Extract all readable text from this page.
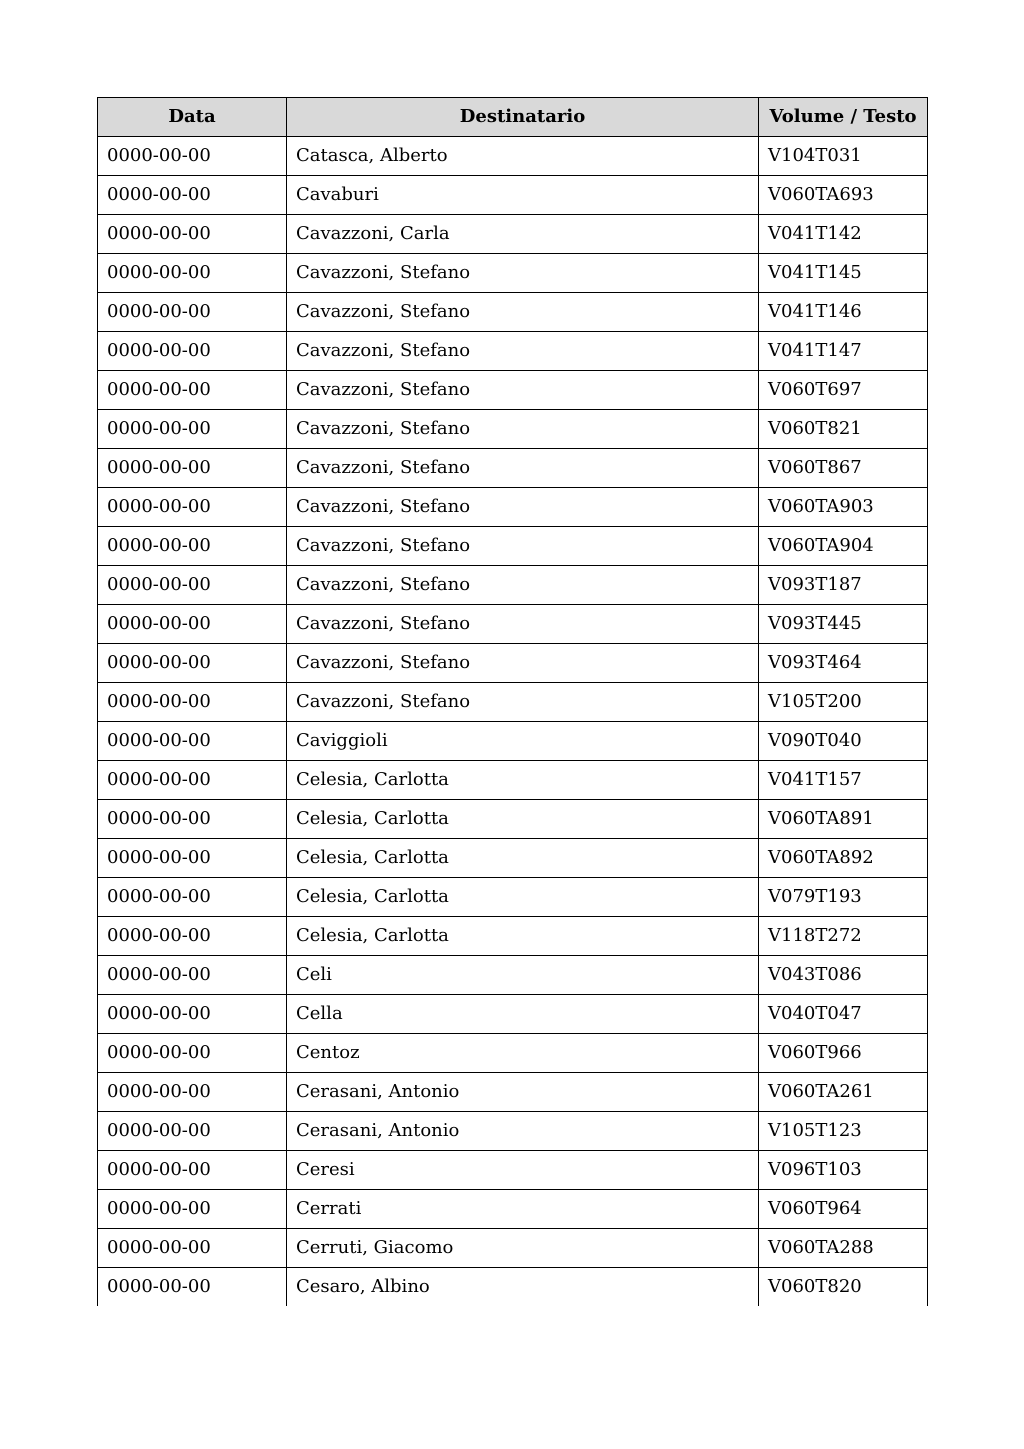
Data	Destinatario	Volume / Testo
0000-00-00	Catasca, Alberto	V104T031
0000-00-00	Cavaburi	V060TA693
0000-00-00	Cavazzoni, Carla	V041T142
0000-00-00	Cavazzoni, Stefano	V041T145
0000-00-00	Cavazzoni, Stefano	V041T146
0000-00-00	Cavazzoni, Stefano	V041T147
0000-00-00	Cavazzoni, Stefano	V060T697
0000-00-00	Cavazzoni, Stefano	V060T821
0000-00-00	Cavazzoni, Stefano	V060T867
0000-00-00	Cavazzoni, Stefano	V060TA903
0000-00-00	Cavazzoni, Stefano	V060TA904
0000-00-00	Cavazzoni, Stefano	V093T187
0000-00-00	Cavazzoni, Stefano	V093T445
0000-00-00	Cavazzoni, Stefano	V093T464
0000-00-00	Cavazzoni, Stefano	V105T200
0000-00-00	Caviggioli	V090T040
0000-00-00	Celesia, Carlotta	V041T157
0000-00-00	Celesia, Carlotta	V060TA891
0000-00-00	Celesia, Carlotta	V060TA892
0000-00-00	Celesia, Carlotta	V079T193
0000-00-00	Celesia, Carlotta	V118T272
0000-00-00	Celi	V043T086
0000-00-00	Cella	V040T047
0000-00-00	Centoz	V060T966
0000-00-00	Cerasani, Antonio	V060TA261
0000-00-00	Cerasani, Antonio	V105T123
0000-00-00	Ceresi	V096T103
0000-00-00	Cerrati	V060T964
0000-00-00	Cerruti, Giacomo	V060TA288
0000-00-00	Cesaro, Albino	V060T820
